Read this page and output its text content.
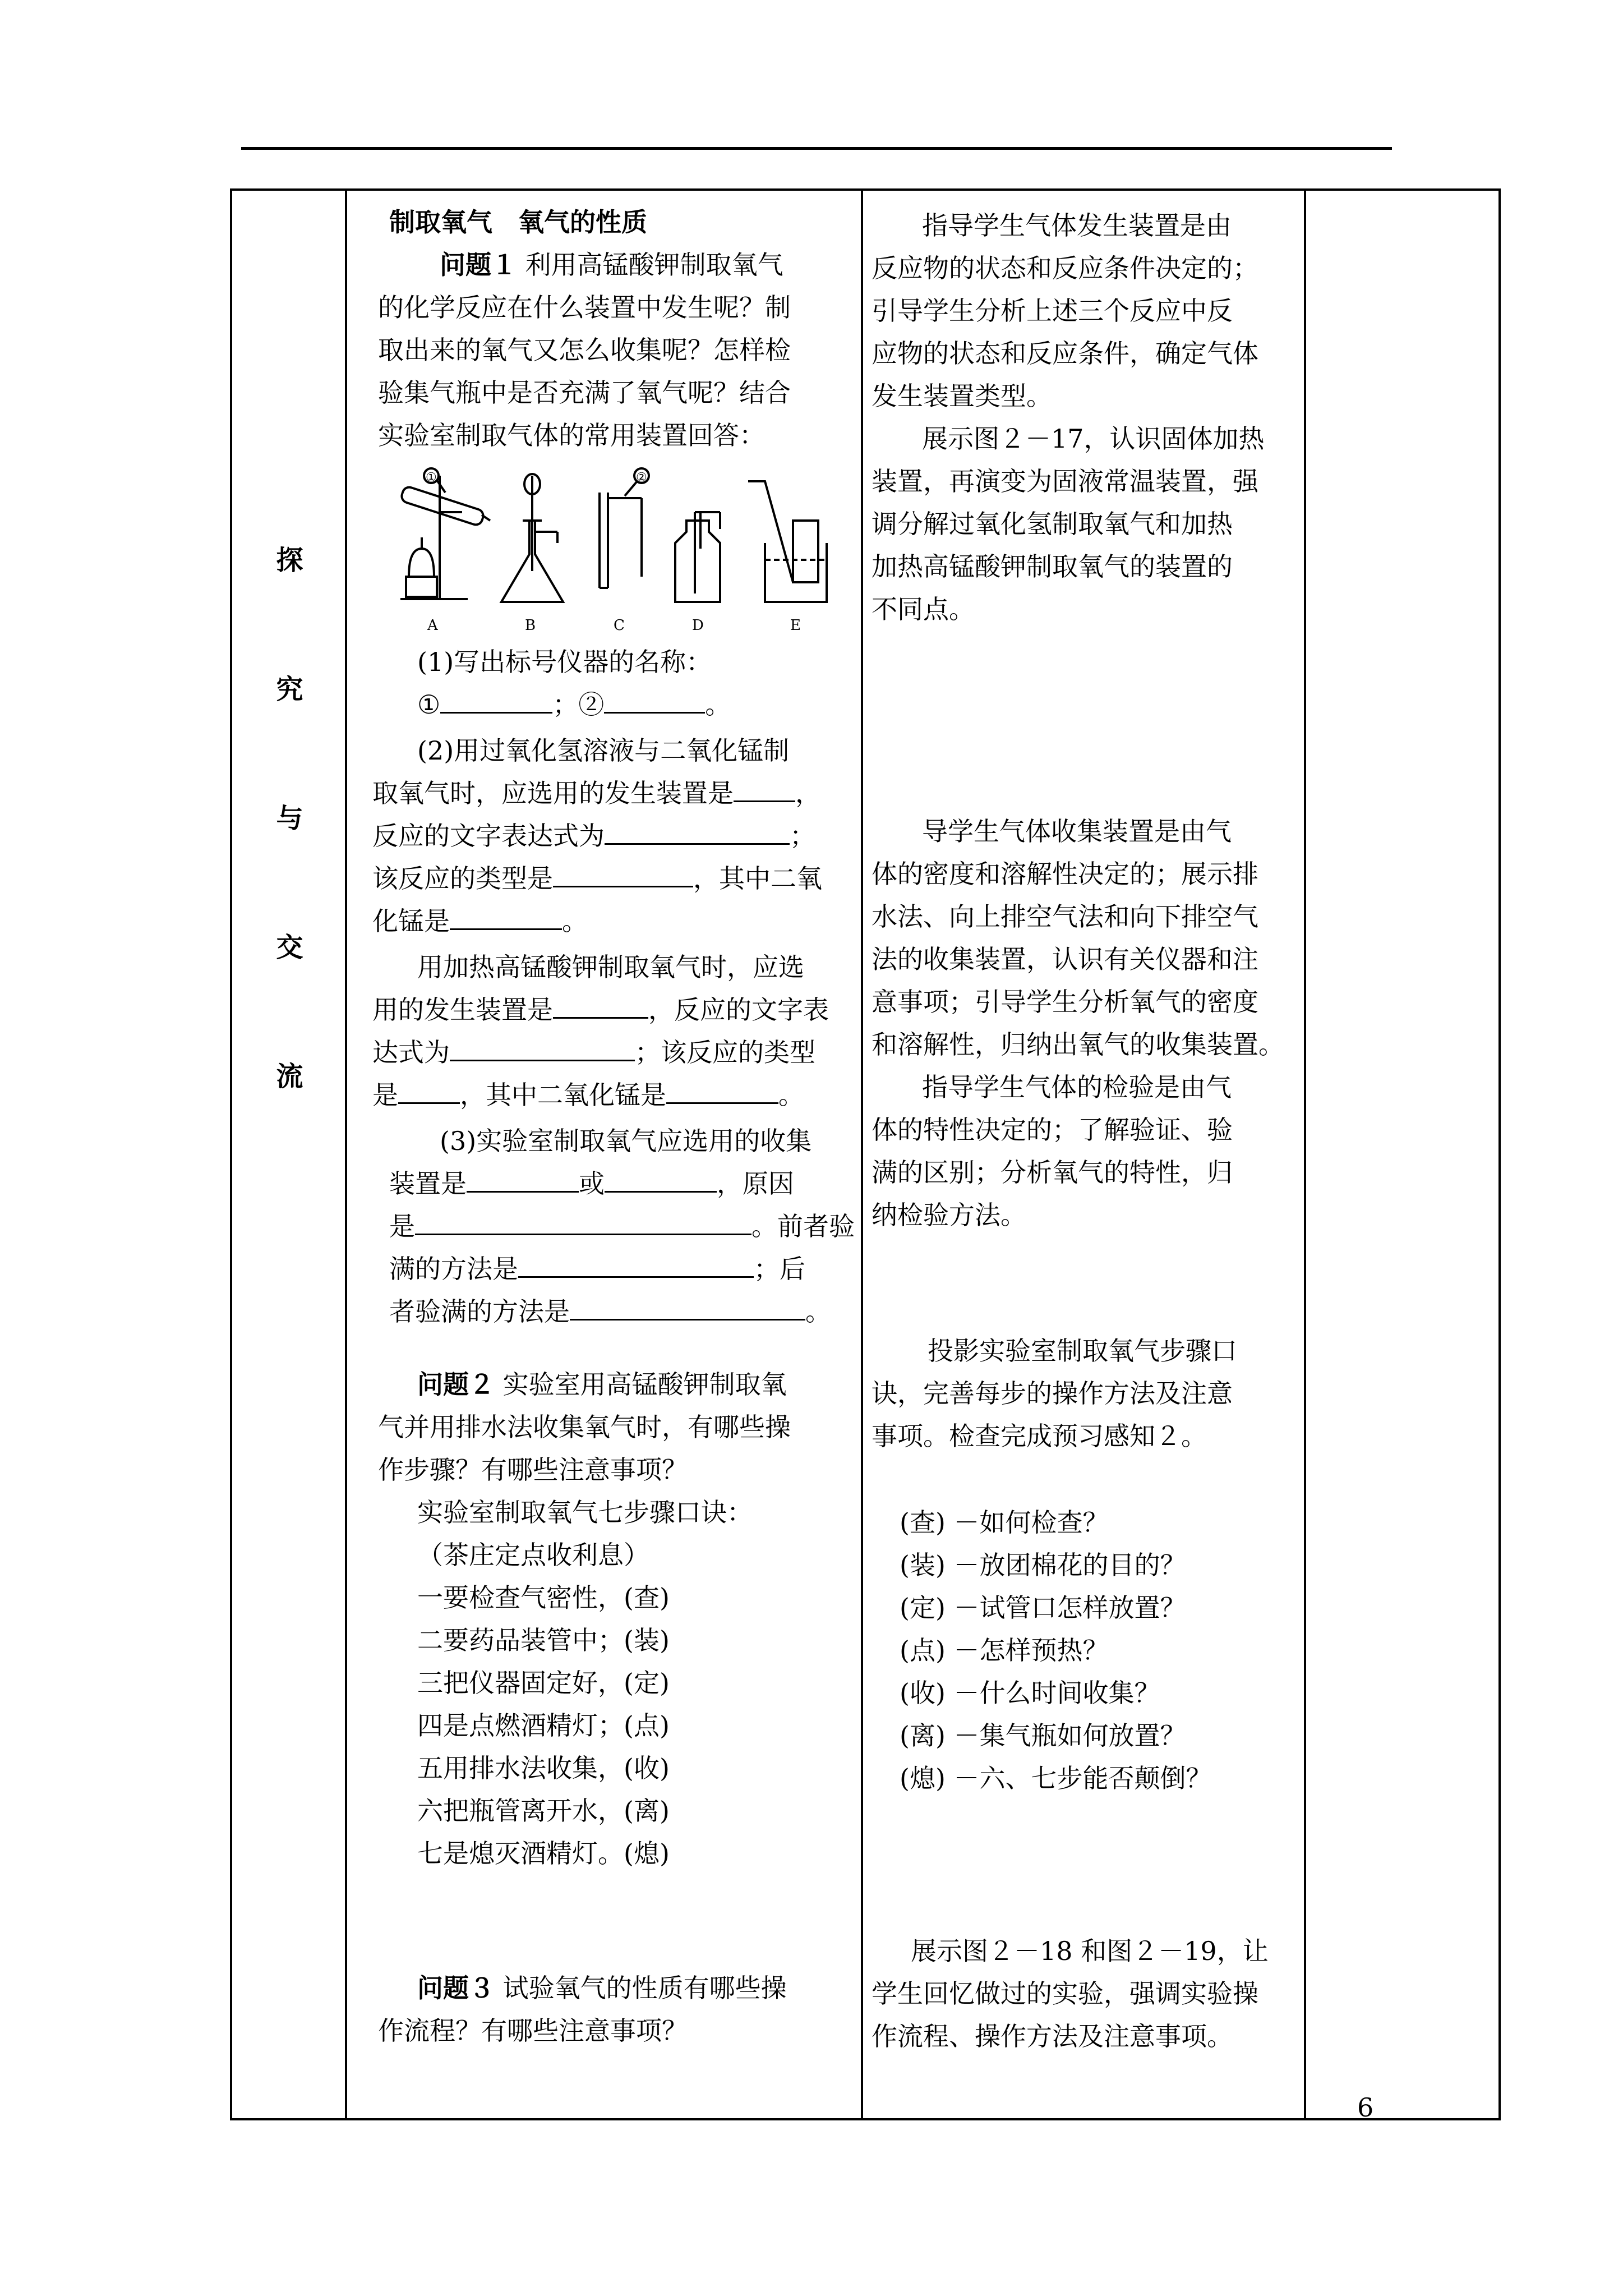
探
究
与
交
流
制取氧气　氧气的性质
问题１ 利用高锰酸钾制取氧气
的化学反应在什么装置中发生呢？制
取出来的氧气又怎么收集呢？怎样检
验集气瓶中是否充满了氧气呢？结合
实验室制取气体的常用装置回答：
A	B	C	D	E
①	②
(1)写出标号仪器的名称：
①	；②	。
(2)用过氧化氢溶液与二氧化锰制
取氧气时，应选用的发生装置是 ，
反应的文字表达式为	；
该反应的类型是	，其中二氧
化锰是	。
用加热高锰酸钾制取氧气时，应选
用的发生装置是	，反应的文字表
达式为	；该反应的类型
是 ，其中二氧化锰是	。
(3)实验室制取氧气应选用的收集
装置是	或	，原因
是	。前者验
满的方法是	；后
者验满的方法是	。
问题２ 实验室用高锰酸钾制取氧
气并用排水法收集氧气时，有哪些操
作步骤？有哪些注意事项？
实验室制取氧气七步骤口诀：
（茶庄定点收利息）
一要检查气密性，(查)
二要药品装管中；(装)
三把仪器固定好，(定)
四是点燃酒精灯；(点)
五用排水法收集，(收)
六把瓶管离开水，(离)
七是熄灭酒精灯。(熄)
问题３ 试验氧气的性质有哪些操
作流程？有哪些注意事项？
指导学生气体发生装置是由
反应物的状态和反应条件决定的；
引导学生分析上述三个反应中反
应物的状态和反应条件，确定气体
发生装置类型。
展示图２－17，认识固体加热
装置，再演变为固液常温装置，强
调分解过氧化氢制取氧气和加热
加热高锰酸钾制取氧气的装置的
不同点。
导学生气体收集装置是由气
体的密度和溶解性决定的；展示排
水法、向上排空气法和向下排空气
法的收集装置，认识有关仪器和注
意事项；引导学生分析氧气的密度
和溶解性，归纳出氧气的收集装置。
指导学生气体的检验是由气
体的特性决定的；了解验证、验
满的区别；分析氧气的特性，归
纳检验方法。
投影实验室制取氧气步骤口
诀，完善每步的操作方法及注意
事项。检查完成预习感知２。
(查) －如何检查？
(装) －放团棉花的目的？
(定) －试管口怎样放置？
(点) －怎样预热？
(收) －什么时间收集？
(离) －集气瓶如何放置？
(熄) －六、七步能否颠倒？
展示图２－18 和图２－19，让
学生回忆做过的实验，强调实验操
作流程、操作方法及注意事项。
6
